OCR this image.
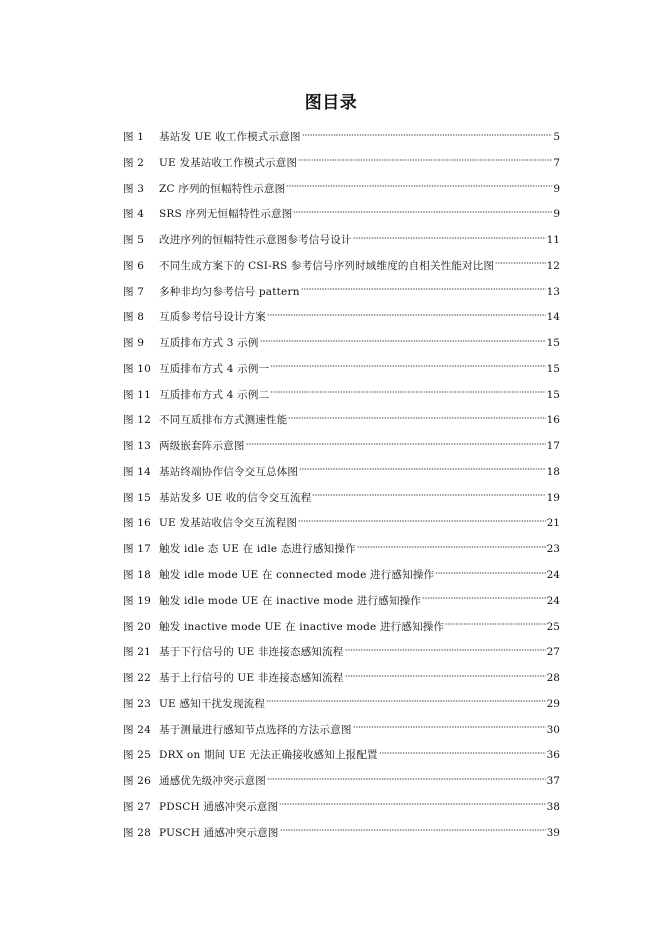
图目录
图 1	基站发 UE 收工作模式示意图	5
图 2	UE 发基站收工作模式示意图	7
图 3	ZC 序列的恒幅特性示意图	9
图 4	SRS 序列无恒幅特性示意图	9
图 5	改进序列的恒幅特性示意图参考信号设计	11
图 6	不同生成方案下的 CSI-RS 参考信号序列时域维度的自相关性能对比图	12
图 7	多种非均匀参考信号 pattern	13
图 8	互质参考信号设计方案	14
图 9	互质排布方式 3 示例	15
图 10 互质排布方式 4 示例一	15
图 11 互质排布方式 4 示例二	15
图 12 不同互质排布方式测速性能	16
图 13 两级嵌套阵示意图	17
图 14 基站终端协作信令交互总体图	18
图 15 基站发多 UE 收的信令交互流程	19
图 16 UE 发基站收信令交互流程图	21
图 17 触发 idle 态 UE 在 idle 态进行感知操作	23
图 18 触发 idle mode UE 在 connected mode 进行感知操作	24
图 19 触发 idle mode UE 在 inactive mode 进行感知操作	24
图 20 触发 inactive mode UE 在 inactive mode 进行感知操作	25
图 21 基于下行信号的 UE 非连接态感知流程	27
图 22 基于上行信号的 UE 非连接态感知流程	28
图 23 UE 感知干扰发现流程	29
图 24 基于测量进行感知节点选择的方法示意图	30
图 25 DRX on 期间 UE 无法正确接收感知上报配置	36
图 26 通感优先级冲突示意图	37
图 27 PDSCH 通感冲突示意图	38
图 28 PUSCH 通感冲突示意图	39
